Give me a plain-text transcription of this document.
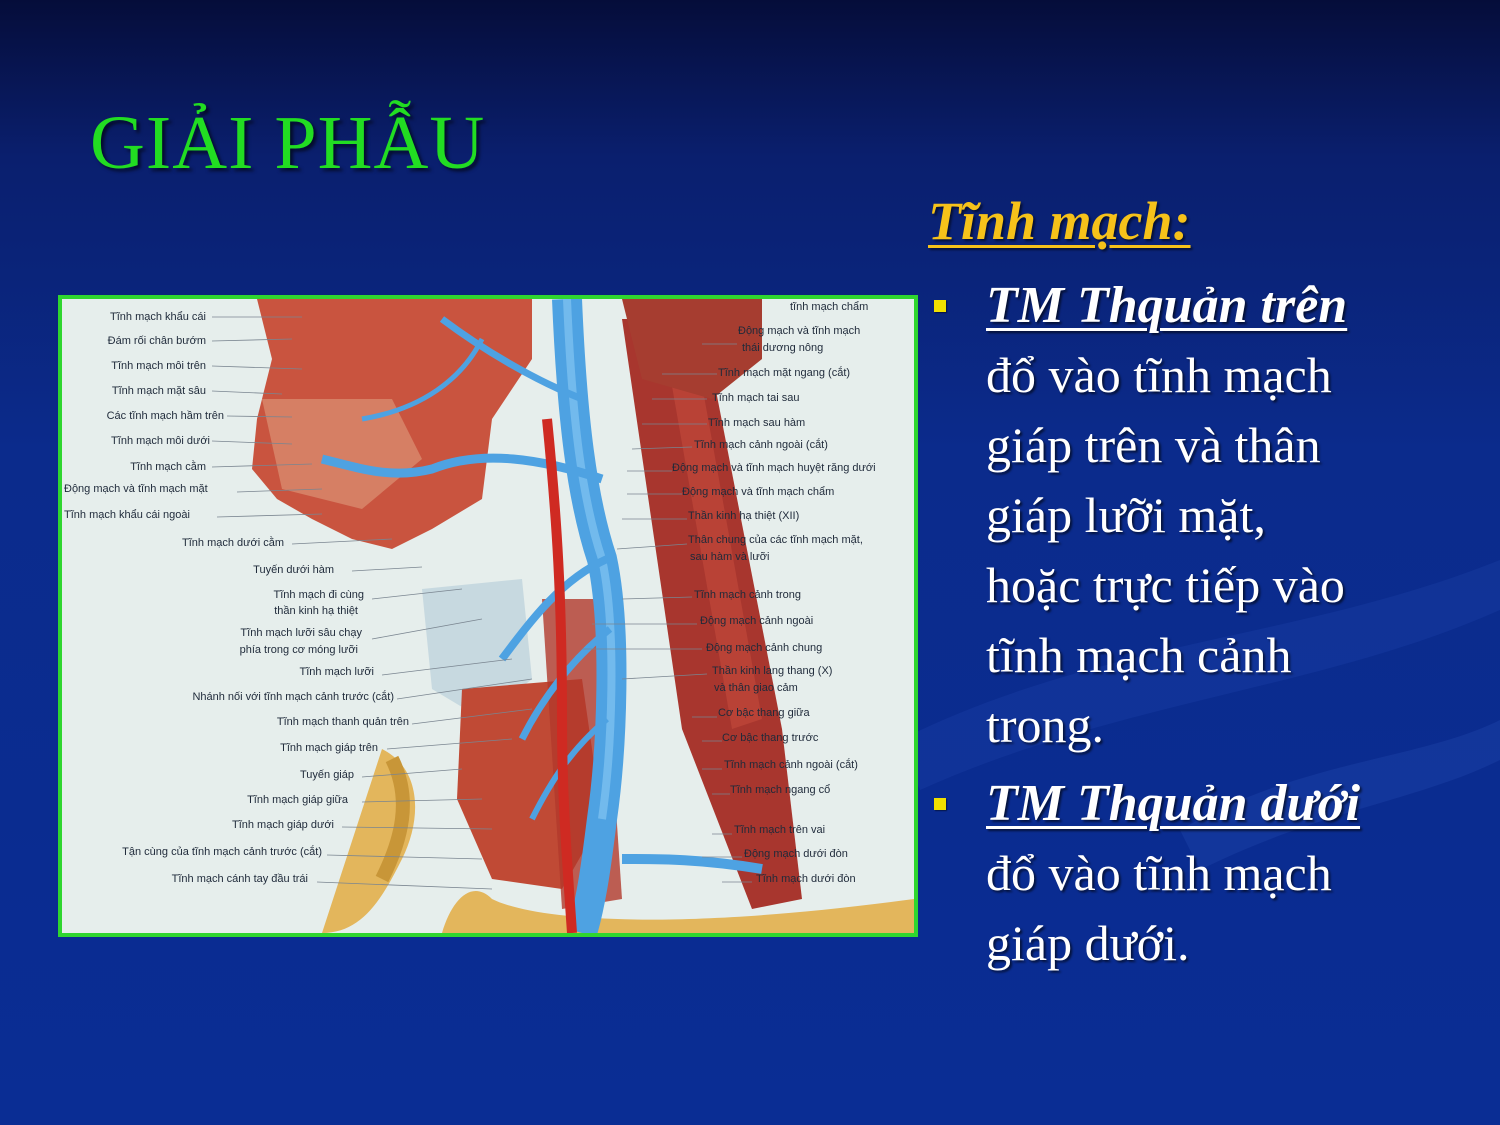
GIẢI PHẪU
Tĩnh mạch khẩu cái
Đám rối chân bướm
Tĩnh mạch môi trên
Tĩnh mạch mặt sâu
Các tĩnh mạch hầm trên
Tĩnh mạch môi dưới
Tĩnh mạch cằm
Động mạch và tĩnh mạch mặt
Tĩnh mạch khẩu cái ngoài
Tĩnh mạch dưới cằm
Tuyến dưới hàm
Tĩnh mạch đi cùng
thần kinh hạ thiệt
Tĩnh mạch lưỡi sâu chạy
phía trong cơ móng lưỡi
Tĩnh mạch lưỡi
Nhánh nối với tĩnh mạch cảnh trước (cắt)
Tĩnh mạch thanh quản trên
Tĩnh mạch giáp trên
Tuyến giáp
Tĩnh mạch giáp giữa
Tĩnh mạch giáp dưới
Tận cùng của tĩnh mạch cảnh trước (cắt)
Tĩnh mạch cánh tay đầu trái
tĩnh mạch chẩm
Động mạch và tĩnh mạch
thái dương nông
Tĩnh mạch mặt ngang (cắt)
Tĩnh mạch tai sau
Tĩnh mạch sau hàm
Tĩnh mạch cảnh ngoài (cắt)
Động mạch và tĩnh mạch huyệt răng dưới
Động mạch và tĩnh mạch chẩm
Thần kinh hạ thiệt (XII)
Thân chung của các tĩnh mạch mặt,
sau hàm và lưỡi
Tĩnh mạch cảnh trong
Động mạch cảnh ngoài
Động mạch cảnh chung
Thần kinh lang thang (X)
và thân giao cảm
Cơ bậc thang giữa
Cơ bậc thang trước
Tĩnh mạch cảnh ngoài (cắt)
Tĩnh mạch ngang cổ
Tĩnh mạch trên vai
Động mạch dưới đòn
Tĩnh mạch dưới đòn
Tĩnh mạch:
TM Thquản trên
đổ vào tĩnh mạch
giáp trên và thân
giáp lưỡi mặt,
hoặc trực tiếp vào
tĩnh mạch cảnh
trong.
TM Thquản dưới
đổ vào tĩnh mạch
giáp dưới.
